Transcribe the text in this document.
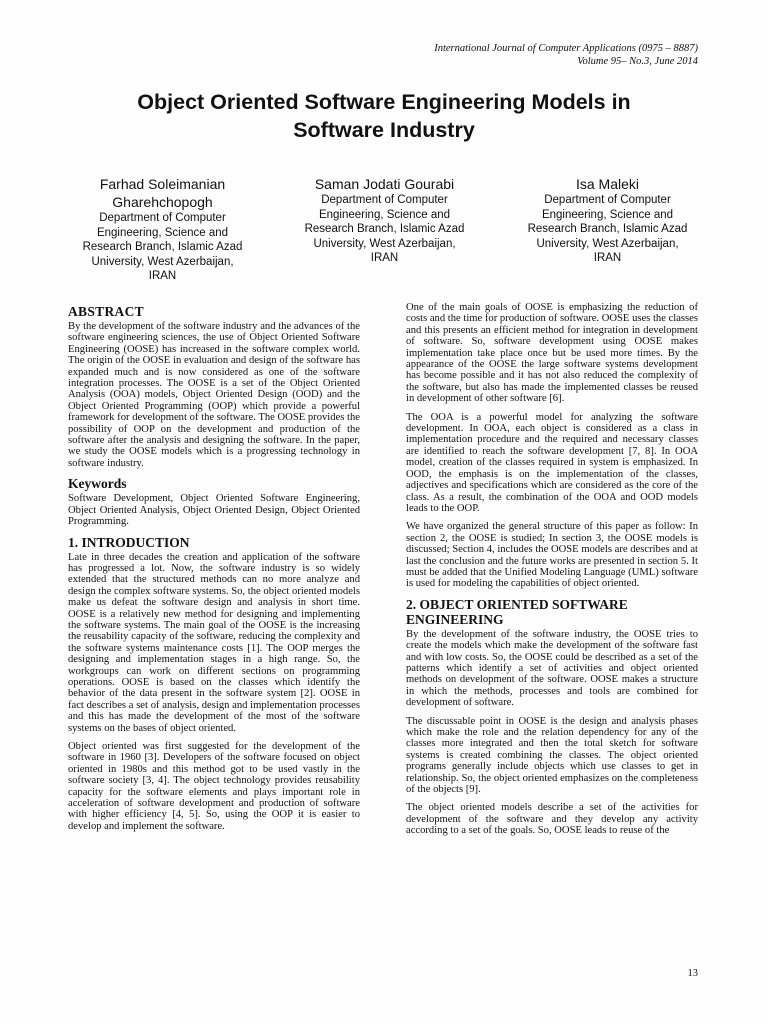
International Journal of Computer Applications (0975 – 8887)
Volume 95– No.3, June 2014
Object Oriented Software Engineering Models in
Software Industry
Farhad Soleimanian
Gharehchopogh
Department of Computer
Engineering, Science and
Research Branch, Islamic Azad
University, West Azerbaijan,
IRAN
Saman Jodati Gourabi
Department of Computer
Engineering, Science and
Research Branch, Islamic Azad
University, West Azerbaijan,
IRAN
Isa Maleki
Department of Computer
Engineering, Science and
Research Branch, Islamic Azad
University, West Azerbaijan,
IRAN
ABSTRACT

By the development of the software industry and the advances of the software engineering sciences, the use of Object Oriented Software Engineering (OOSE) has increased in the software complex world. The origin of the OOSE in evaluation and design of the software has expanded much and is now considered as one of the software integration processes. The OOSE is a set of the Object Oriented Analysis (OOA) models, Object Oriented Design (OOD) and the Object Oriented Programming (OOP) which provide a powerful framework for development of the software. The OOSE provides the possibility of OOP on the development and production of the software after the analysis and designing the software. In the paper, we study the OOSE models which is a progressing technology in software industry.

Keywords

Software Development, Object Oriented Software Engineering, Object Oriented Analysis, Object Oriented Design, Object Oriented Programming.

1. INTRODUCTION

Late in three decades the creation and application of the software has progressed a lot. Now, the software industry is so widely extended that the structured methods can no more analyze and design the complex software systems. So, the object oriented models make us defeat the software design and analysis in short time. OOSE is a relatively new method for designing and implementing the software systems. The main goal of the OOSE is the increasing the reusability capacity of the software, reducing the complexity and the software systems maintenance costs [1]. The OOP merges the designing and implementation stages in a high range. So, the workgroups can work on different sections on programming operations. OOSE is based on the classes which identify the behavior of the data present in the software system [2]. OOSE in fact describes a set of analysis, design and implementation processes and this has made the development of the most of the software systems on the bases of object oriented.

Object oriented was first suggested for the development of the software in 1960 [3]. Developers of the software focused on object oriented in 1980s and this method got to be used vastly in the software society [3, 4]. The object technology provides reusability capacity for the software elements and plays important role in acceleration of software development and production of software with higher efficiency [4, 5]. So, using the OOP it is easier to develop and implement the software.

One of the main goals of OOSE is emphasizing the reduction of costs and the time for production of software. OOSE uses the classes and this presents an efficient method for integration in development of software. So, software development using OOSE makes implementation take place once but be used more times. By the appearance of the OOSE the large software systems development has become possible and it has not also reduced the complexity of the software, but also has made the implemented classes be reused in development of other software [6].

The OOA is a powerful model for analyzing the software development. In OOA, each object is considered as a class in implementation procedure and the required and necessary classes are identified to reach the software development [7, 8]. In OOA model, creation of the classes required in system is emphasized. In OOD, the emphasis is on the implementation of the classes, adjectives and specifications which are considered as the core of the class. As a result, the combination of the OOA and OOD models leads to the OOP.

We have organized the general structure of this paper as follow: In section 2, the OOSE is studied; In section 3, the OOSE models is discussed; Section 4, includes the OOSE models are describes and at last the conclusion and the future works are presented in section 5. It must be added that the Unified Modeling Language (UML) software is used for modeling the capabilities of object oriented.

2. OBJECT ORIENTED SOFTWARE
ENGINEERING

By the development of the software industry, the OOSE tries to create the models which make the development of the software fast and with low costs. So, the OOSE could be described as a set of the patterns which identify a set of activities and object oriented methods on development of the software. OOSE makes a structure in which the methods, processes and tools are combined for development of software.

The discussable point in OOSE is the design and analysis phases which make the role and the relation dependency for any of the classes more integrated and then the total sketch for software systems is created combining the classes. The object oriented programs generally include objects which use classes to get in relationship. So, the object oriented emphasizes on the completeness of the objects [9].

The object oriented models describe a set of the activities for development of the software and they develop any activity according to a set of the goals. So, OOSE leads to reuse of the

13
